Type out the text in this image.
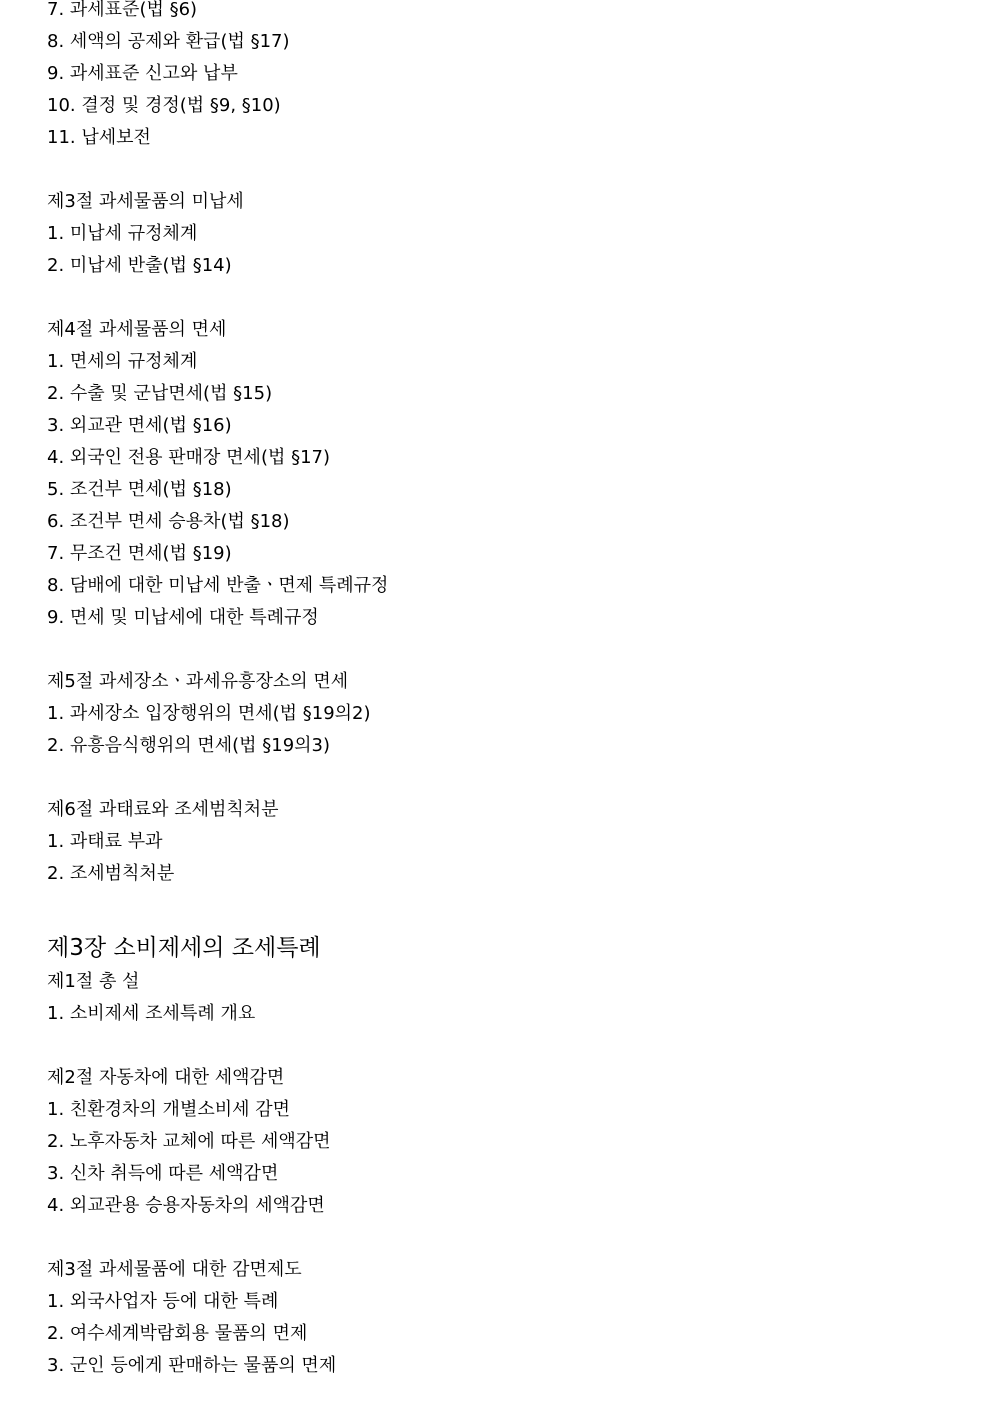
7. 과세표준(법 §6)
8. 세액의 공제와 환급(법 §17)
9. 과세표준 신고와 납부
10. 결정 및 경정(법 §9, §10)
11. 납세보전
제3절 과세물품의 미납세
1. 미납세 규정체계
2. 미납세 반출(법 §14)
제4절 과세물품의 면세
1. 면세의 규정체계
2. 수출 및 군납면세(법 §15)
3. 외교관 면세(법 §16)
4. 외국인 전용 판매장 면세(법 §17)
5. 조건부 면세(법 §18)
6. 조건부 면세 승용차(법 §18)
7. 무조건 면세(법 §19)
8. 담배에 대한 미납세 반출ㆍ면제 특례규정
9. 면세 및 미납세에 대한 특례규정
제5절 과세장소ㆍ과세유흥장소의 면세
1. 과세장소 입장행위의 면세(법 §19의2)
2. 유흥음식행위의 면세(법 §19의3)
제6절 과태료와 조세범칙처분
1. 과태료 부과
2. 조세범칙처분
제3장 소비제세의 조세특례
제1절 총 설
1. 소비제세 조세특례 개요
제2절 자동차에 대한 세액감면
1. 친환경차의 개별소비세 감면
2. 노후자동차 교체에 따른 세액감면
3. 신차 취득에 따른 세액감면
4. 외교관용 승용자동차의 세액감면
제3절 과세물품에 대한 감면제도
1. 외국사업자 등에 대한 특례
2. 여수세계박람회용 물품의 면제
3. 군인 등에게 판매하는 물품의 면제
